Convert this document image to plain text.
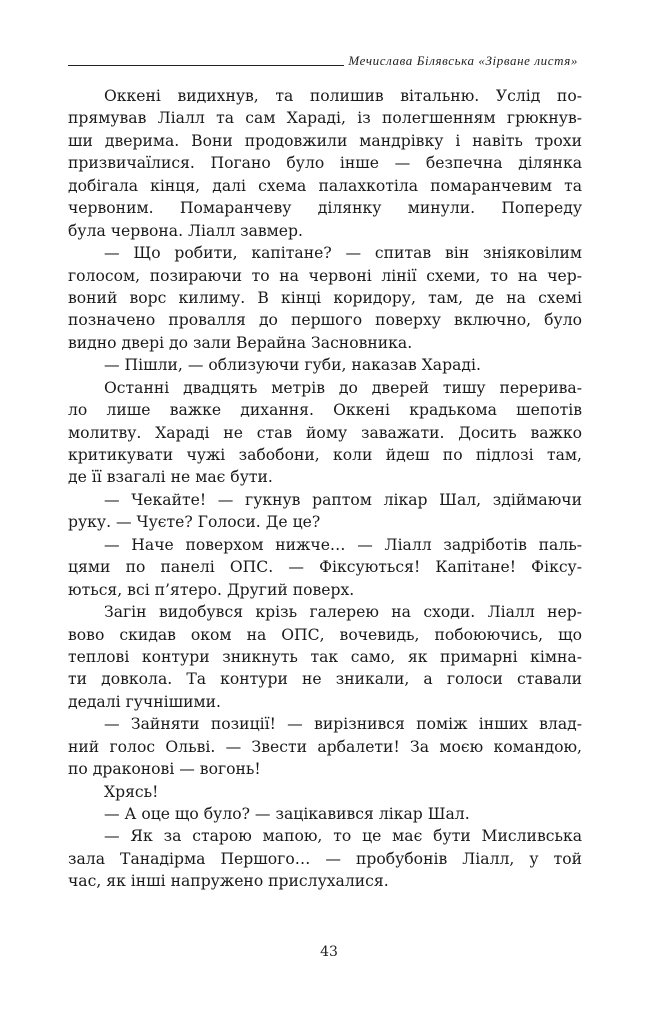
Мечислава Білявська «Зірване листя»
Оккені видихнув, та полишив вітальню. Услід по-
прямував Ліалл та сам Хараді, із полегшенням грюкнув-
ши дверима. Вони продовжили мандрівку і навіть трохи
призвичаїлися. Погано було інше — безпечна ділянка
добігала кінця, далі схема палахкотіла помаранчевим та
червоним. Помаранчеву ділянку минули. Попереду
була червона. Ліалл завмер.
— Що робити, капітане? — спитав він зніяковілим
голосом, позираючи то на червоні лінії схеми, то на чер-
воний ворс килиму. В кінці коридору, там, де на схемі
позначено провалля до першого поверху включно, було
видно двері до зали Верайна Засновника.
— Пішли, — облизуючи губи, наказав Хараді.
Останні двадцять метрів до дверей тишу перерива-
ло лише важке дихання. Оккені крадькома шепотів
молитву. Хараді не став йому заважати. Досить важко
критикувати чужі забобони, коли йдеш по підлозі там,
де її взагалі не має бути.
— Чекайте! — гукнув раптом лікар Шал, здіймаючи
руку. — Чуєте? Голоси. Де це?
— Наче поверхом нижче… — Ліалл задріботів паль-
цями по панелі ОПС. — Фіксуються! Капітане! Фіксу-
ються, всі п’ятеро. Другий поверх.
Загін видобувся крізь галерею на сходи. Ліалл нер-
вово скидав оком на ОПС, вочевидь, побоюючись, що
теплові контури зникнуть так само, як примарні кімна-
ти довкола. Та контури не зникали, а голоси ставали
дедалі гучнішими.
— Зайняти позиції! — вирізнився поміж інших влад-
ний голос Ольві. — Звести арбалети! За моєю командою,
по драконові — вогонь!
Хрясь!
— А оце що було? — зацікавився лікар Шал.
— Як за старою мапою, то це має бути Мисливська
зала Танадірма Першого… — пробубонів Ліалл, у той
час, як інші напружено прислухалися.
43
